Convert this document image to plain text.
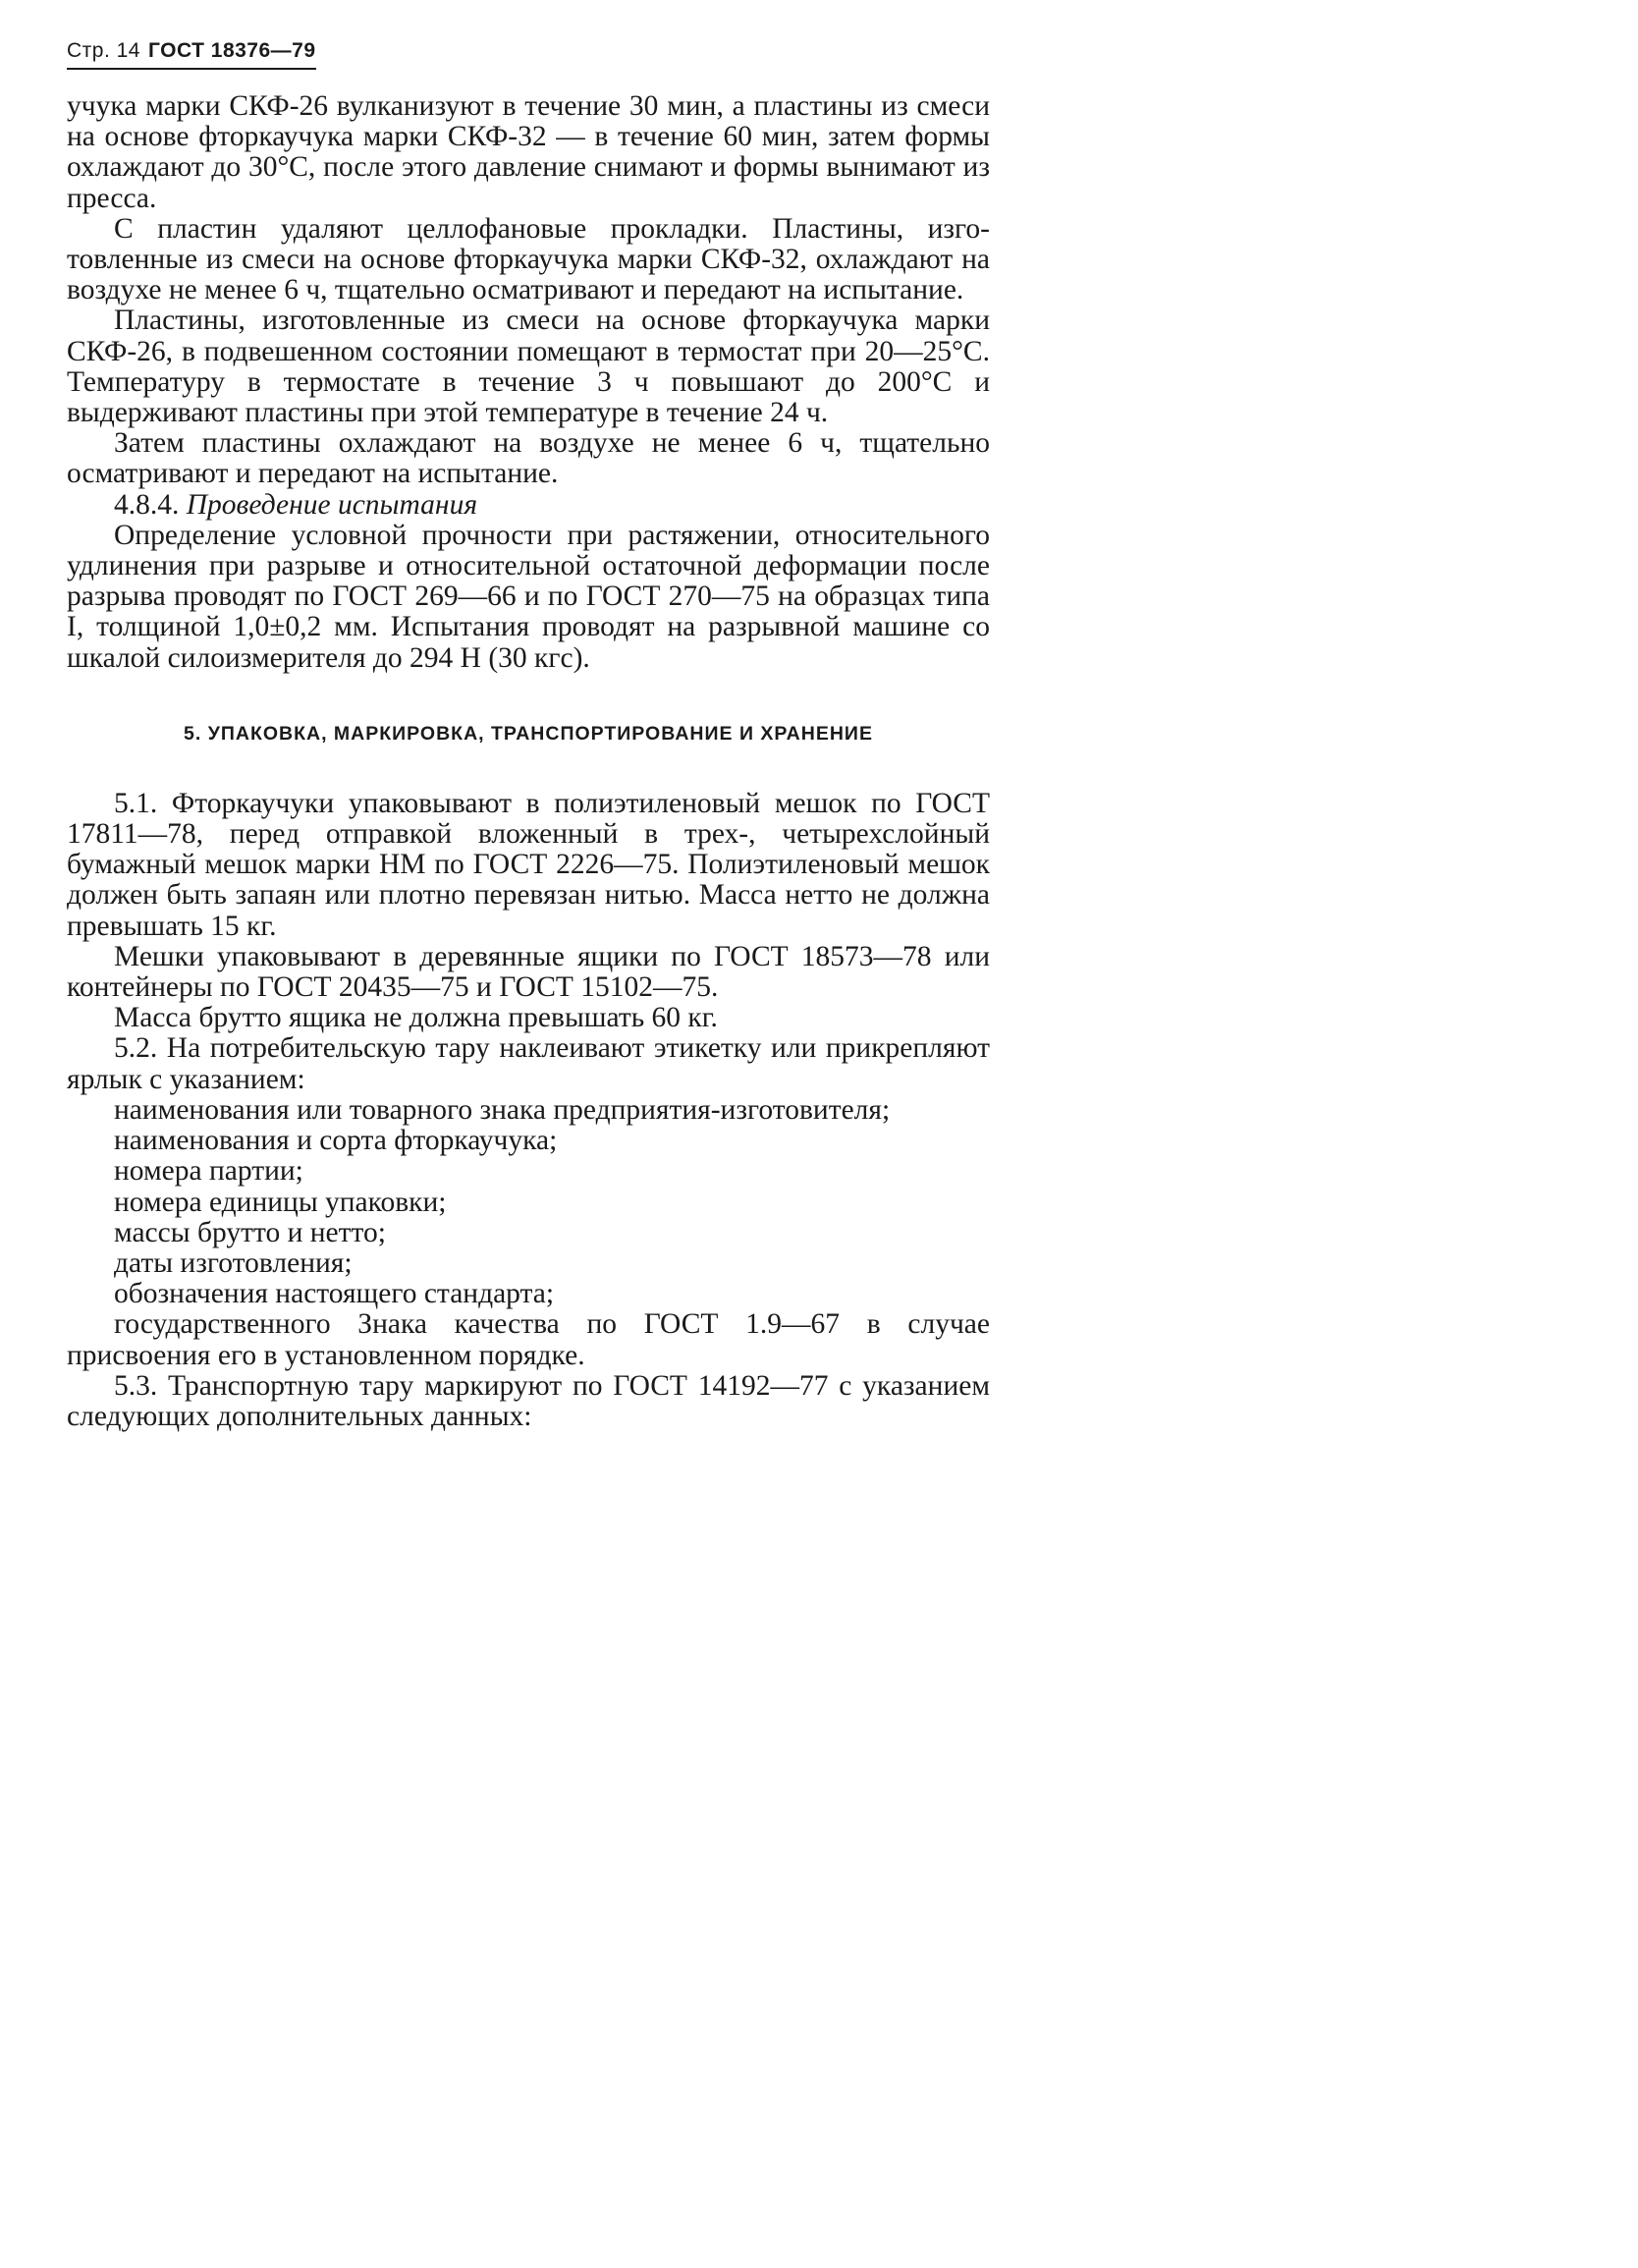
Стр. 14 ГОСТ 18376—79

учука марки СКФ-26 вулканизуют в течение 30 мин, а пластины из смеси на основе фторкаучука марки СКФ-32 — в течение 60 мин, затем формы охлаждают до 30°С, после этого давление снимают и формы вынимают из пресса.

С пластин удаляют целлофановые прокладки. Пластины, изготовленные из смеси на основе фторкаучука марки СКФ-32, охлаждают на воздухе не менее 6 ч, тщательно осматривают и передают на испытание.

Пластины, изготовленные из смеси на основе фторкаучука марки СКФ-26, в подвешенном состоянии помещают в термостат при 20—25°С. Температуру в термостате в течение 3 ч повышают до 200°С и выдерживают пластины при этой температуре в течение 24 ч.

Затем пластины охлаждают на воздухе не менее 6 ч, тщательно осматривают и передают на испытание.

4.8.4. Проведение испытания

Определение условной прочности при растяжении, относительного удлинения при разрыве и относительной остаточной деформации после разрыва проводят по ГОСТ 269—66 и по ГОСТ 270—75 на образцах типа I, толщиной 1,0±0,2 мм. Испытания проводят на разрывной машине со шкалой силоизмерителя до 294 Н (30 кгс).

5. УПАКОВКА, МАРКИРОВКА, ТРАНСПОРТИРОВАНИЕ И ХРАНЕНИЕ

5.1. Фторкаучуки упаковывают в полиэтиленовый мешок по ГОСТ 17811—78, перед отправкой вложенный в трех-, четырехслойный бумажный мешок марки НМ по ГОСТ 2226—75. Полиэтиленовый мешок должен быть запаян или плотно перевязан нитью. Масса нетто не должна превышать 15 кг.

Мешки упаковывают в деревянные ящики по ГОСТ 18573—78 или контейнеры по ГОСТ 20435—75 и ГОСТ 15102—75.

Масса брутто ящика не должна превышать 60 кг.

5.2. На потребительскую тару наклеивают этикетку или прикрепляют ярлык с указанием:

наименования или товарного знака предприятия-изготовителя;

наименования и сорта фторкаучука;

номера партии;

номера единицы упаковки;

массы брутто и нетто;

даты изготовления;

обозначения настоящего стандарта;

государственного Знака качества по ГОСТ 1.9—67 в случае присвоения его в установленном порядке.

5.3. Транспортную тару маркируют по ГОСТ 14192—77 с указанием следующих дополнительных данных:
